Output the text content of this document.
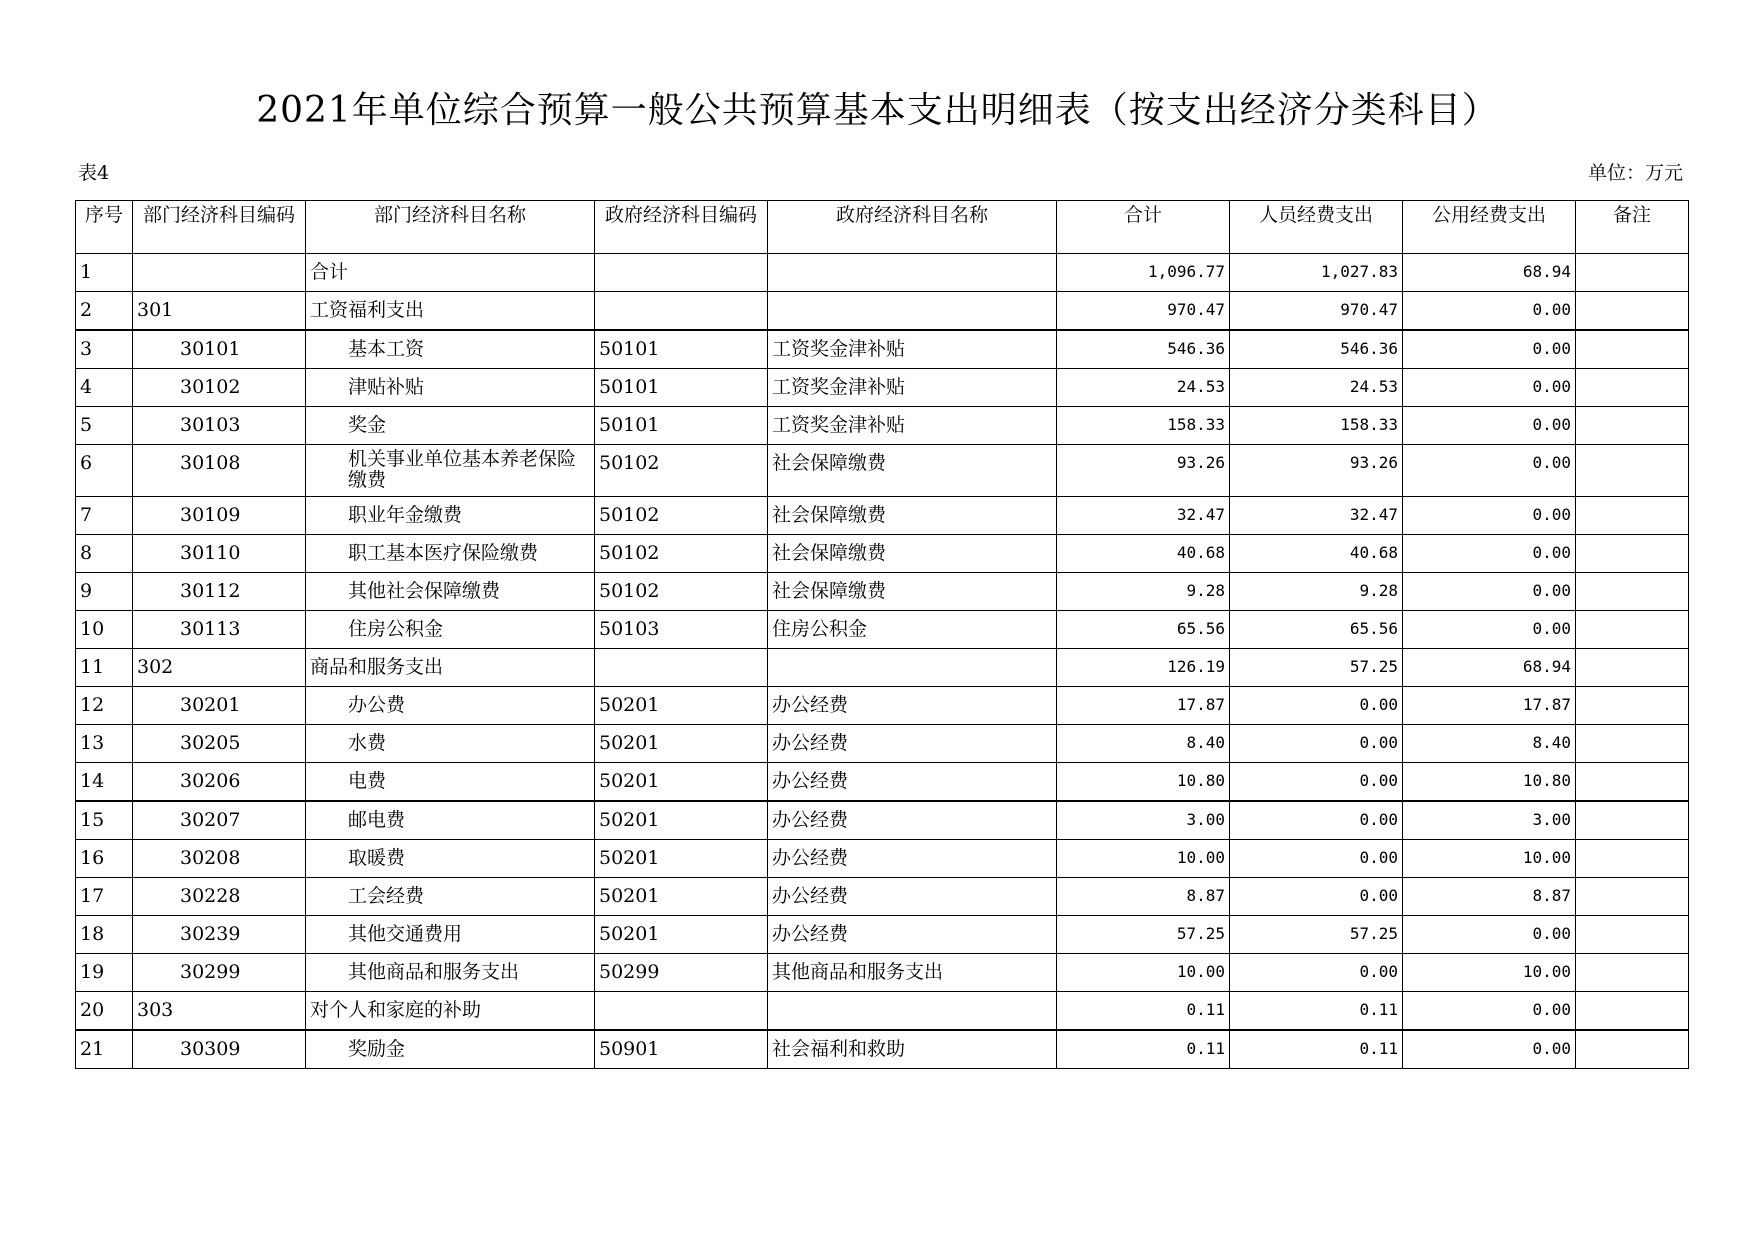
2021年单位综合预算一般公共预算基本支出明细表（按支出经济分类科目）
表4	单位：万元
序号	部门经济科目编码	部门经济科目名称	政府经济科目编码	政府经济科目名称	合计	人员经费支出	公用经费支出	备注
1		合计			1,096.77	1,027.83	68.94	
2	301	工资福利支出			970.47	970.47	0.00	
3	30101	基本工资	50101	工资奖金津补贴	546.36	546.36	0.00	
4	30102	津贴补贴	50101	工资奖金津补贴	24.53	24.53	0.00	
5	30103	奖金	50101	工资奖金津补贴	158.33	158.33	0.00	
6	30108	机关事业单位基本养老保险缴费	50102	社会保障缴费	93.26	93.26	0.00	
7	30109	职业年金缴费	50102	社会保障缴费	32.47	32.47	0.00	
8	30110	职工基本医疗保险缴费	50102	社会保障缴费	40.68	40.68	0.00	
9	30112	其他社会保障缴费	50102	社会保障缴费	9.28	9.28	0.00	
10	30113	住房公积金	50103	住房公积金	65.56	65.56	0.00	
11	302	商品和服务支出			126.19	57.25	68.94	
12	30201	办公费	50201	办公经费	17.87	0.00	17.87	
13	30205	水费	50201	办公经费	8.40	0.00	8.40	
14	30206	电费	50201	办公经费	10.80	0.00	10.80	
15	30207	邮电费	50201	办公经费	3.00	0.00	3.00	
16	30208	取暖费	50201	办公经费	10.00	0.00	10.00	
17	30228	工会经费	50201	办公经费	8.87	0.00	8.87	
18	30239	其他交通费用	50201	办公经费	57.25	57.25	0.00	
19	30299	其他商品和服务支出	50299	其他商品和服务支出	10.00	0.00	10.00	
20	303	对个人和家庭的补助			0.11	0.11	0.00	
21	30309	奖励金	50901	社会福利和救助	0.11	0.11	0.00	
